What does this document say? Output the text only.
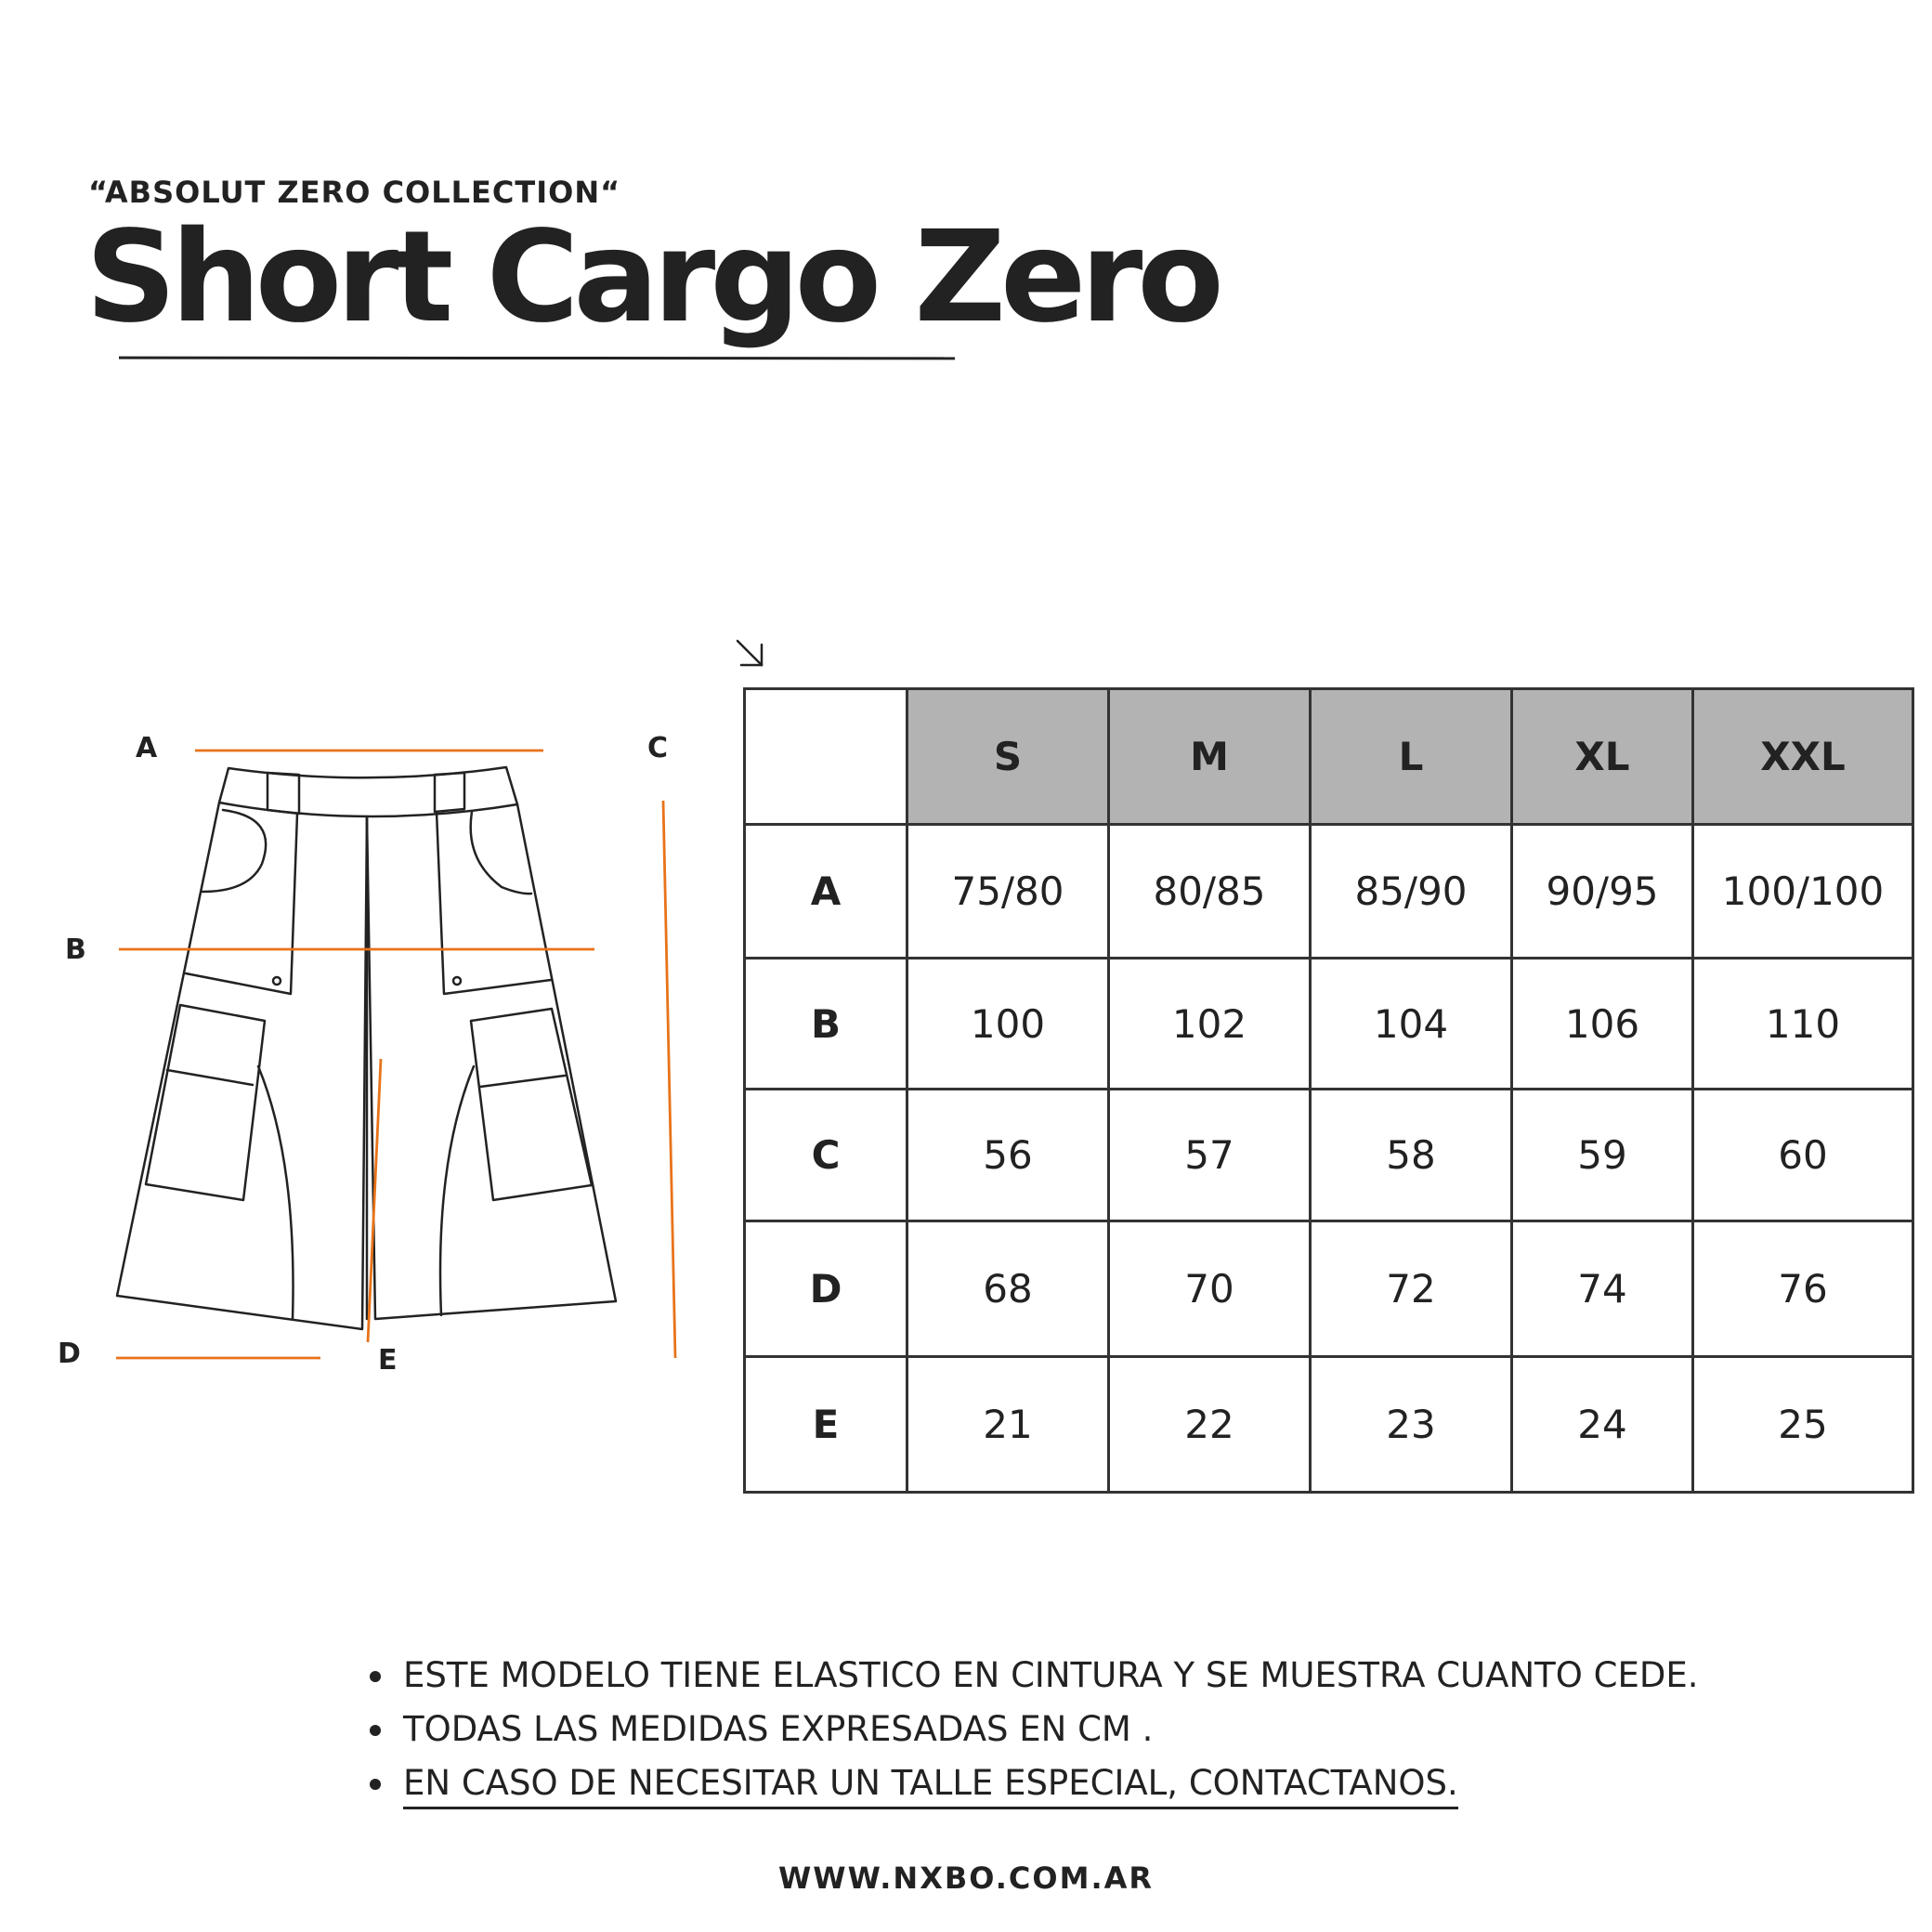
“ABSOLUT ZERO COLLECTION“
Short Cargo Zero
A
B
C
D	E
	S	M	L	XL	XXL
A	75/80	80/85	85/90	90/95	100/100
B	100	102	104	106	110
C	56	57	58	59	60
D	68	70	72	74	76
E	21	22	23	24	25
ESTE MODELO TIENE ELASTICO EN CINTURA Y SE MUESTRA CUANTO CEDE.
TODAS LAS MEDIDAS EXPRESADAS EN CM .
EN CASO DE NECESITAR UN TALLE ESPECIAL, CONTACTANOS.
WWW.NXBO.COM.AR
